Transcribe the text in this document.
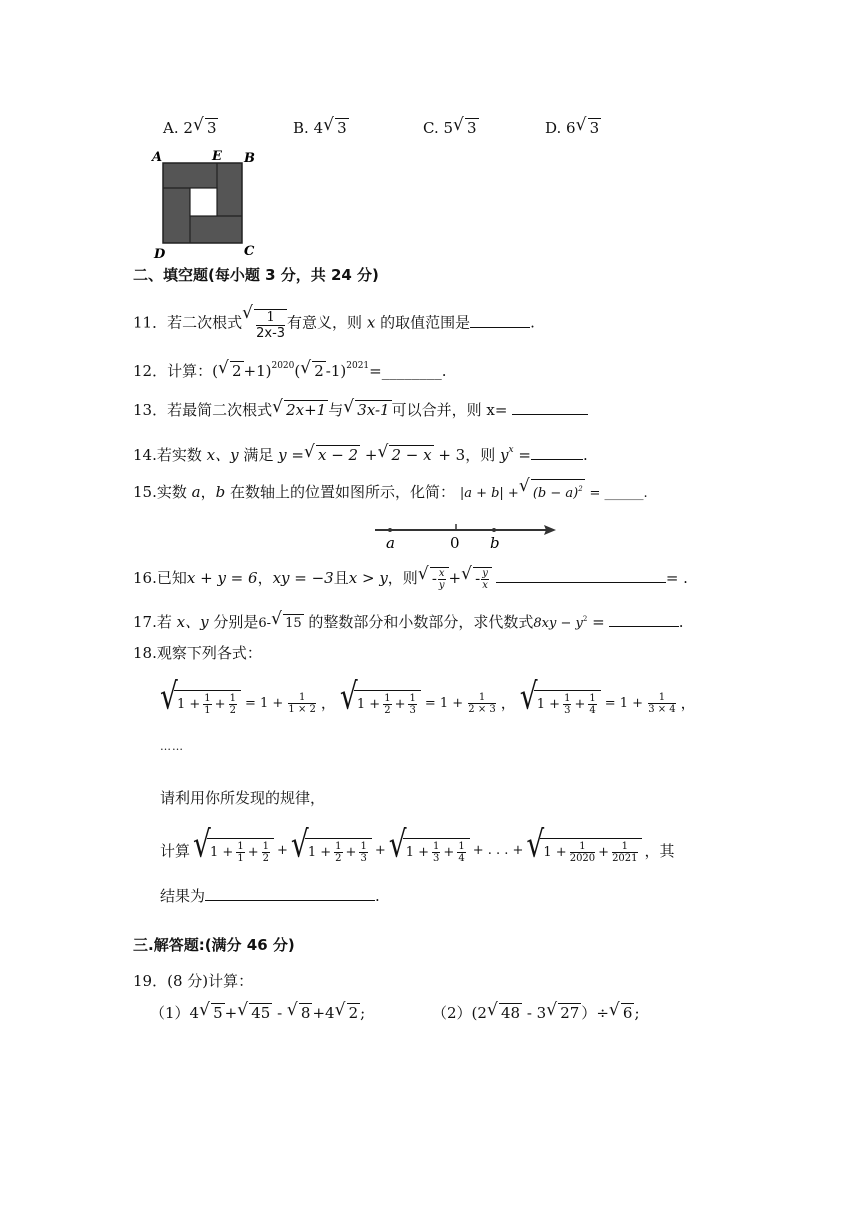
A. 2 √ 3	B. 4 √ 3	C. 5 √ 3	D. 6 √ 3
A	E B
D	C
二、填空题(每小题 3 分，共 24 分)
11．若二次根式 √ $\frac{1}{2x-3}$ 有意义，则 x 的取值范围是	.
12．计算：( √ 2 +1)$^{2020}$( √ 2 -1)$^{2021}$=________.
13．若最简二次根式 √ 2x+1 与 √ 3x-1 可以合并，则 x=
14.若实数 x、y 满足 y = √ x − 2 + √ 2 − x + 3，则 $y^x$ =	.
15.实数 a，b 在数轴上的位置如图所示，化简： |a + b| + √ $(b - a)^2$ = ______.
a	0 b
16.已知x + y = 6，xy = −3且x > y，则 √ - $\frac{x}{y}$ + √ - $\frac{y}{x}$	= .
17.若 x、y 分别是6- √ 15 的整数部分和小数部分，求代数式$8xy - y^2$ =	.
18.观察下列各式：
√ $1 + \frac{1}{1} + \frac{1}{2} = 1 + \frac{1}{1 \times 2}$ ，	√ $1 + \frac{1}{2} + \frac{1}{3} = 1 + \frac{1}{2 \times 3}$ ，	√ $1 + \frac{1}{3} + \frac{1}{4} = 1 + \frac{1}{3 \times 4}$ ，
……
请利用你所发现的规律，
计算	√ $1 + \frac{1}{1} + \frac{1}{2}$ +	√ $1 + \frac{1}{2} + \frac{1}{3}$ +	√ $1 + \frac{1}{3} + \frac{1}{4}$ + . . . +	√ $1 + \frac{1}{2020} + \frac{1}{2021}$ ，其
结果为	.
三.解答题:(满分 46 分)
19．(8 分)计算：
（1）4 √ 5 + √ 45 - √ 8 +4 √ 2 ;	（2）(2 √ 48 - 3 √ 27 ）÷ √ 6 ;
